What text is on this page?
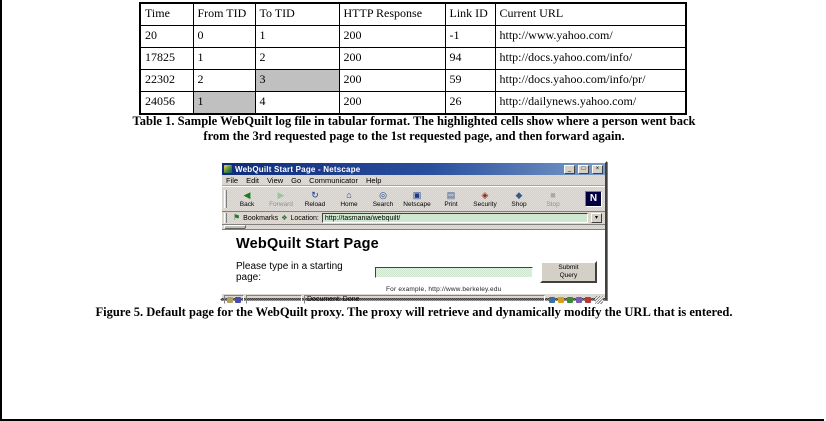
Time	From TID	To TID	HTTP Response	Link ID	Current URL
20	0	1	200	-1	http://www.yahoo.com/
17825	1	2	200	94	http://docs.yahoo.com/info/
22302	2	3	200	59	http://docs.yahoo.com/info/pr/
24056	1	4	200	26	http://dailynews.yahoo.com/
Table 1. Sample WebQuilt log file in tabular format. The highlighted cells show where a person went back
from the 3rd requested page to the 1st requested page, and then forward again.
WebQuilt Start Page - Netscape	_	□	×
File Edit View Go Communicator Help
◀
Back
▶
Forward
↻
Reload
⌂
Home
◎
Search
▣
Netscape
▤
Print
◈
Security
◆
Shop
■
Stop
N
⚑ Bookmarks ❖ Location:
http://tasmania/webquilt/	▾
WebQuilt Start Page
Please type in a starting page:
Submit Query
For example, http://www.berkeley.edu
Document: Done
Figure 5. Default page for the WebQuilt proxy. The proxy will retrieve and dynamically modify the URL that is entered.
